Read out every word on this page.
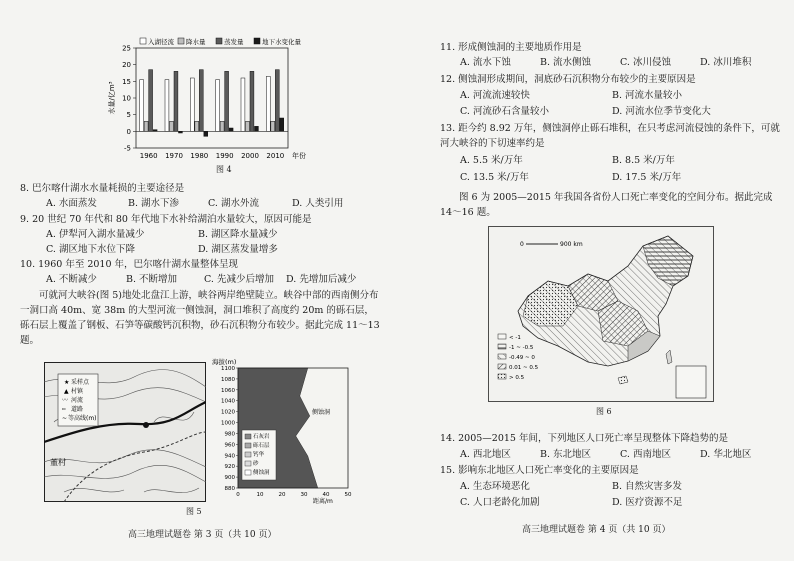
25
20
15
10
5
0
-5
水量/亿m³
1960 1970 1980 1990 2000 2010 年份
入湖径流 降水量	蒸发量	地下水变化量
图 4
8. 巴尔喀什湖水水量耗损的主要途径是
A. 水面蒸发	B. 湖水下渗	C. 湖水外流	D. 人类引用
9. 20 世纪 70 年代和 80 年代地下水补给湖泊水量较大，原因可能是
A. 伊犁河入湖水量减少	B. 湖区降水量减少
C. 湖区地下水位下降	D. 湖区蒸发量增多
10. 1960 年至 2010 年，巴尔喀什湖水量整体呈现
A. 不断减少	B. 不断增加	C. 先减少后增加 D. 先增加后减少
可就河大峡谷(图 5)地处北盘江上游，峡谷两岸绝壁陡立。峡谷中部的西南侧分布一洞口高 40m、宽 38m 的大型河流一侧蚀洞，洞口堆积了高度约 20m 的砾石层，砾石层上覆盖了钢板、石笋等碳酸钙沉积物，砂石沉积物分布较少。据此完成 11～13 题。
★ 采样点
▲ 村镇
〰 河流
┅ 道路
~ 等高线(m)
董村
海拔(m)
1100
1080
1060
1040
1020
1000
980
960
940
920
900
880
0	10	20	30	40	50
距离/m
侧蚀洞
石灰岩
砾石层
钙华
砂
侧蚀洞
图 5
高三地理试题卷 第 3 页（共 10 页）
11. 形成侧蚀洞的主要地质作用是
A. 流水下蚀	B. 流水侧蚀	C. 冰川侵蚀	D. 冰川堆积
12. 侧蚀洞形成期间，洞底砂石沉积物分布较少的主要原因是
A. 河流流速较快	B. 河流水量较小
C. 河流砂石含量较小	D. 河流水位季节变化大
13. 距今约 8.92 万年，侧蚀洞停止砾石堆积，在只考虑河流侵蚀的条件下，可就河大峡谷的下切速率约是
A. 5.5 米/万年	B. 8.5 米/万年
C. 13.5 米/万年	D. 17.5 米/万年
图 6 为 2005—2015 年我国各省份人口死亡率变化的空间分布。据此完成 14～16 题。
0	900 km
< -1
-1 ~ -0.5
-0.49 ~ 0
0.01 ~ 0.5
> 0.5
图 6
14. 2005—2015 年间，下列地区人口死亡率呈现整体下降趋势的是
A. 西北地区	B. 东北地区	C. 西南地区	D. 华北地区
15. 影响东北地区人口死亡率变化的主要原因是
A. 生态环境恶化	B. 自然灾害多发
C. 人口老龄化加剧	D. 医疗资源不足
高三地理试题卷 第 4 页（共 10 页）
